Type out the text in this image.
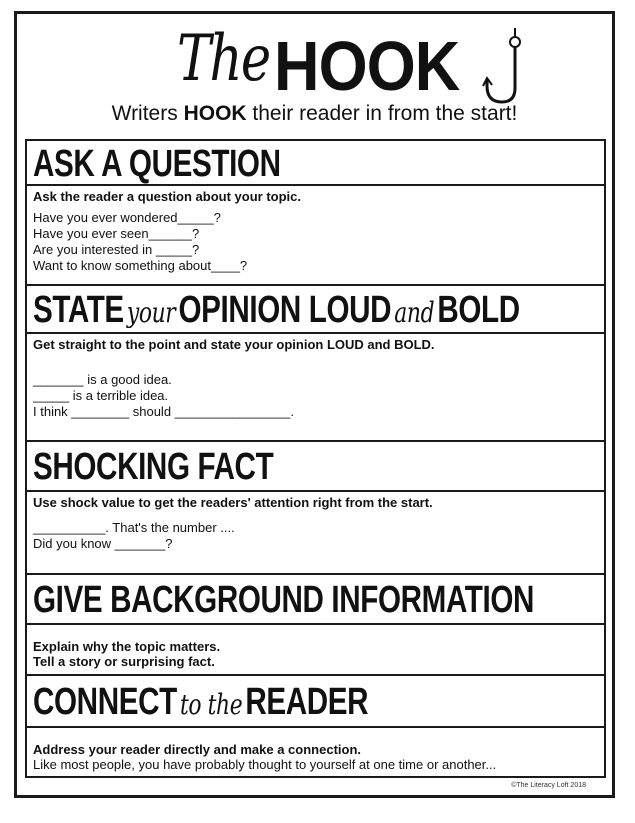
The HOOK
Writers HOOK their reader in from the start!
ASK A QUESTION
Ask the reader a question about your topic.
Have you ever wondered_____?
Have you ever seen______?
Are you interested in _____?
Want to know something about____?
STATE yourOPINION LOUD andBOLD
Get straight to the point and state your opinion LOUD and BOLD.
_______ is a good idea.
_____ is a terrible idea.
I think ________ should ________________.
SHOCKING FACT
Use shock value to get the readers' attention right from the start.
__________. That's the number ....
Did you know _______?
GIVE BACKGROUND INFORMATION
Explain why the topic matters.
Tell a story or surprising fact.
CONNECT to theREADER
Address your reader directly and make a connection.
Like most people, you have probably thought to yourself at one time or another...
©The Literacy Loft 2018
